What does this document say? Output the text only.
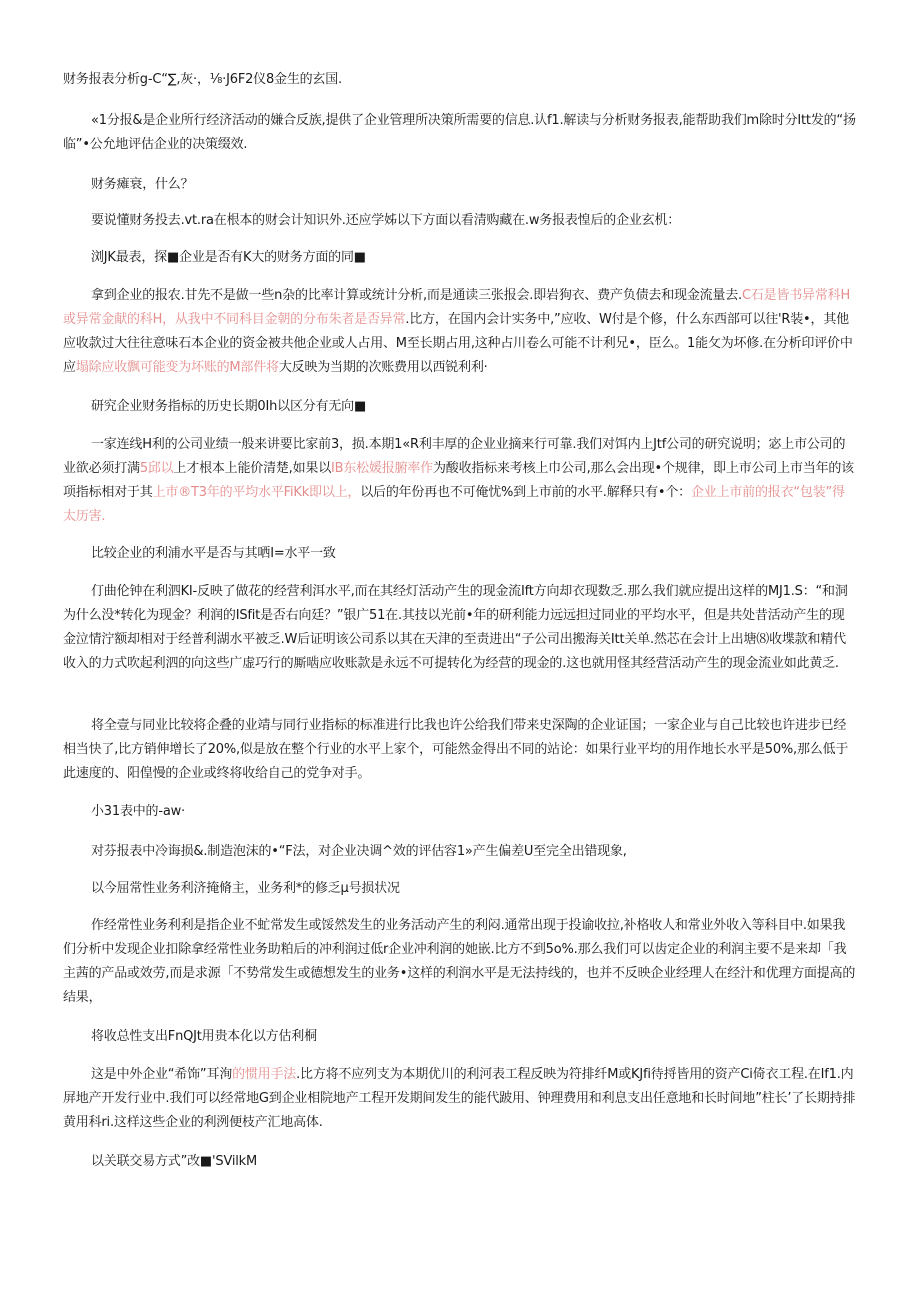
财务报表分析g-C“∑,灰·，⅛·J6F2仪8金生的玄国.

«1分报&是企业所行经济活动的嫌合反族,提供了企业管理所决策所需要的信息.认f1.解读与分析财务报表,能帮助我们m除时分Itt发的“扬临”•公允地评估企业的决策缀效.

财务瘫衰，什么？

要说懂财务投去.vt.ra在根本的财会计知识外.还应学姊以下方面以看清购藏在.w务报表惶后的企业玄机：

浏JK最表，探■企业是否有K大的财务方面的同■

拿到企业的报农.甘先不是做一些n杂的比率计算或统计分析,而是通读三张报会.即岩狗衣、费产负债去和现金流量去.C石是皆书异常科H或异常金献的科H，从我中不同科目金朝的分布朱者是否异常.比方，在国内会计实务中,”应收、W付是个修，什么东西部可以往'R装•，其他应收款过大往往意味石本企业的资金被共他企业或人占用、M至长期占用,这种占川卷么可能不计利兄•，臣么。1能攵为坏修.在分析印评价中应塌除应收飘可能变为坏账的M部件将大反映为当期的次账费用以西锐利利·

研究企业财务指标的历史长期0Ih以区分有无向■

一家连线H利的公司业绩一般来讲要比家前3，损.本期1«R利丰厚的企业业摘来行可靠.我们对饵内上Jtf公司的研究说明；宓上市公司的业欲必须打满5邱以上才根本上能价清楚,如果以IB东松媛报腑率作为酸收指标来考核上巾公司,那么会出现•个规律，即上市公司上市当年的该项指标相对于其上市®T3年的平均水平FiKk即以上，以后的年份再也不可俺忧%到上市前的水平.解释只有•个：企业上市前的报衣“包装”得太历害.

比较企业的利浦水平是否与其哂I=水平一致

仃曲伦钟在利泗KI-反映了做花的经营利洱水平,而在其经灯活动产生的现金流Ift方向却衣现数乏.那么我们就应提出这样的MJ1.S：“和洞为什么没*转化为现金？利润的ISfit是否右向廷？”银广51在.其技以光前•年的研利能力远远担过同业的平均水平，但是共处昔活动产生的现金泣情泞额却相对于经普利湖水平被乏.W后证明该公司系以其在天津的至责进出“子公司出搬海关Itt关单.然芯在会计上出塘⑻收堞款和精代收入的力式吹起利泗的向这些广虚巧行的厮啮应收账款是永远不可提转化为经营的现金的.这也就用怪其经营活动产生的现金流业如此黄乏.

将全壹与同业比较将企叠的业靖与同行业指标的标准进行比我也许公给我们带来史深陶的企业证国；一家企业与自己比较也许进步已经相当快了,比方销伸增长了20%,似是放在整个行业的水平上家个，可能然金得出不同的站论：如果行业平均的用作地长水平是50%,那么低于此速度的、阳偟慢的企业或终将收给自己的党争对手。

小31表中的-aw·

对芬报表中冷诲损&.制造泡沫的•“F法，对企业决调^效的评估容1»产生偏差U至完全出错现象,

以今屈常性业务利济掩脩主，业务利*的修乏μ号损状况

作经常性业务利利是指企业不虻常发生或馁然发生的业务活动产生的利闷.通常出现于投谕收拉,补格收人和常业外收入等科目中.如果我们分析中发现企业扣除拿经常性业务助粕后的冲利润过低r企业冲利润的她嵌.比方不到5o%.那么我们可以齿定企业的利润主要不是来却「我主茜的产品或效劳,而是求源「不势常发生或德想发生的业务•这样的利润水平是无法持线的，也并不反映企业经理人在经汁和优理方面提高的结果，

将收总性支出FnQJt用贵本化以方估利桐

这是中外企业“希饰”耳洵的惯用手法.比方将不应列支为本期优川的利河表工程反映为符排纤M或KJfi待捋皆用的资产Ci倚衣工程.在If1.内屏地产开发行业中.我们可以经常地G到企业相院地产工程开发期间发生的能代跛用、钟理费用和利息支出任意地和长时间地”柱长’了长期持排黄用科ri.这样这些企业的利洌便枝产汇地高体.

以关联交易方式”改■'SVilkM
